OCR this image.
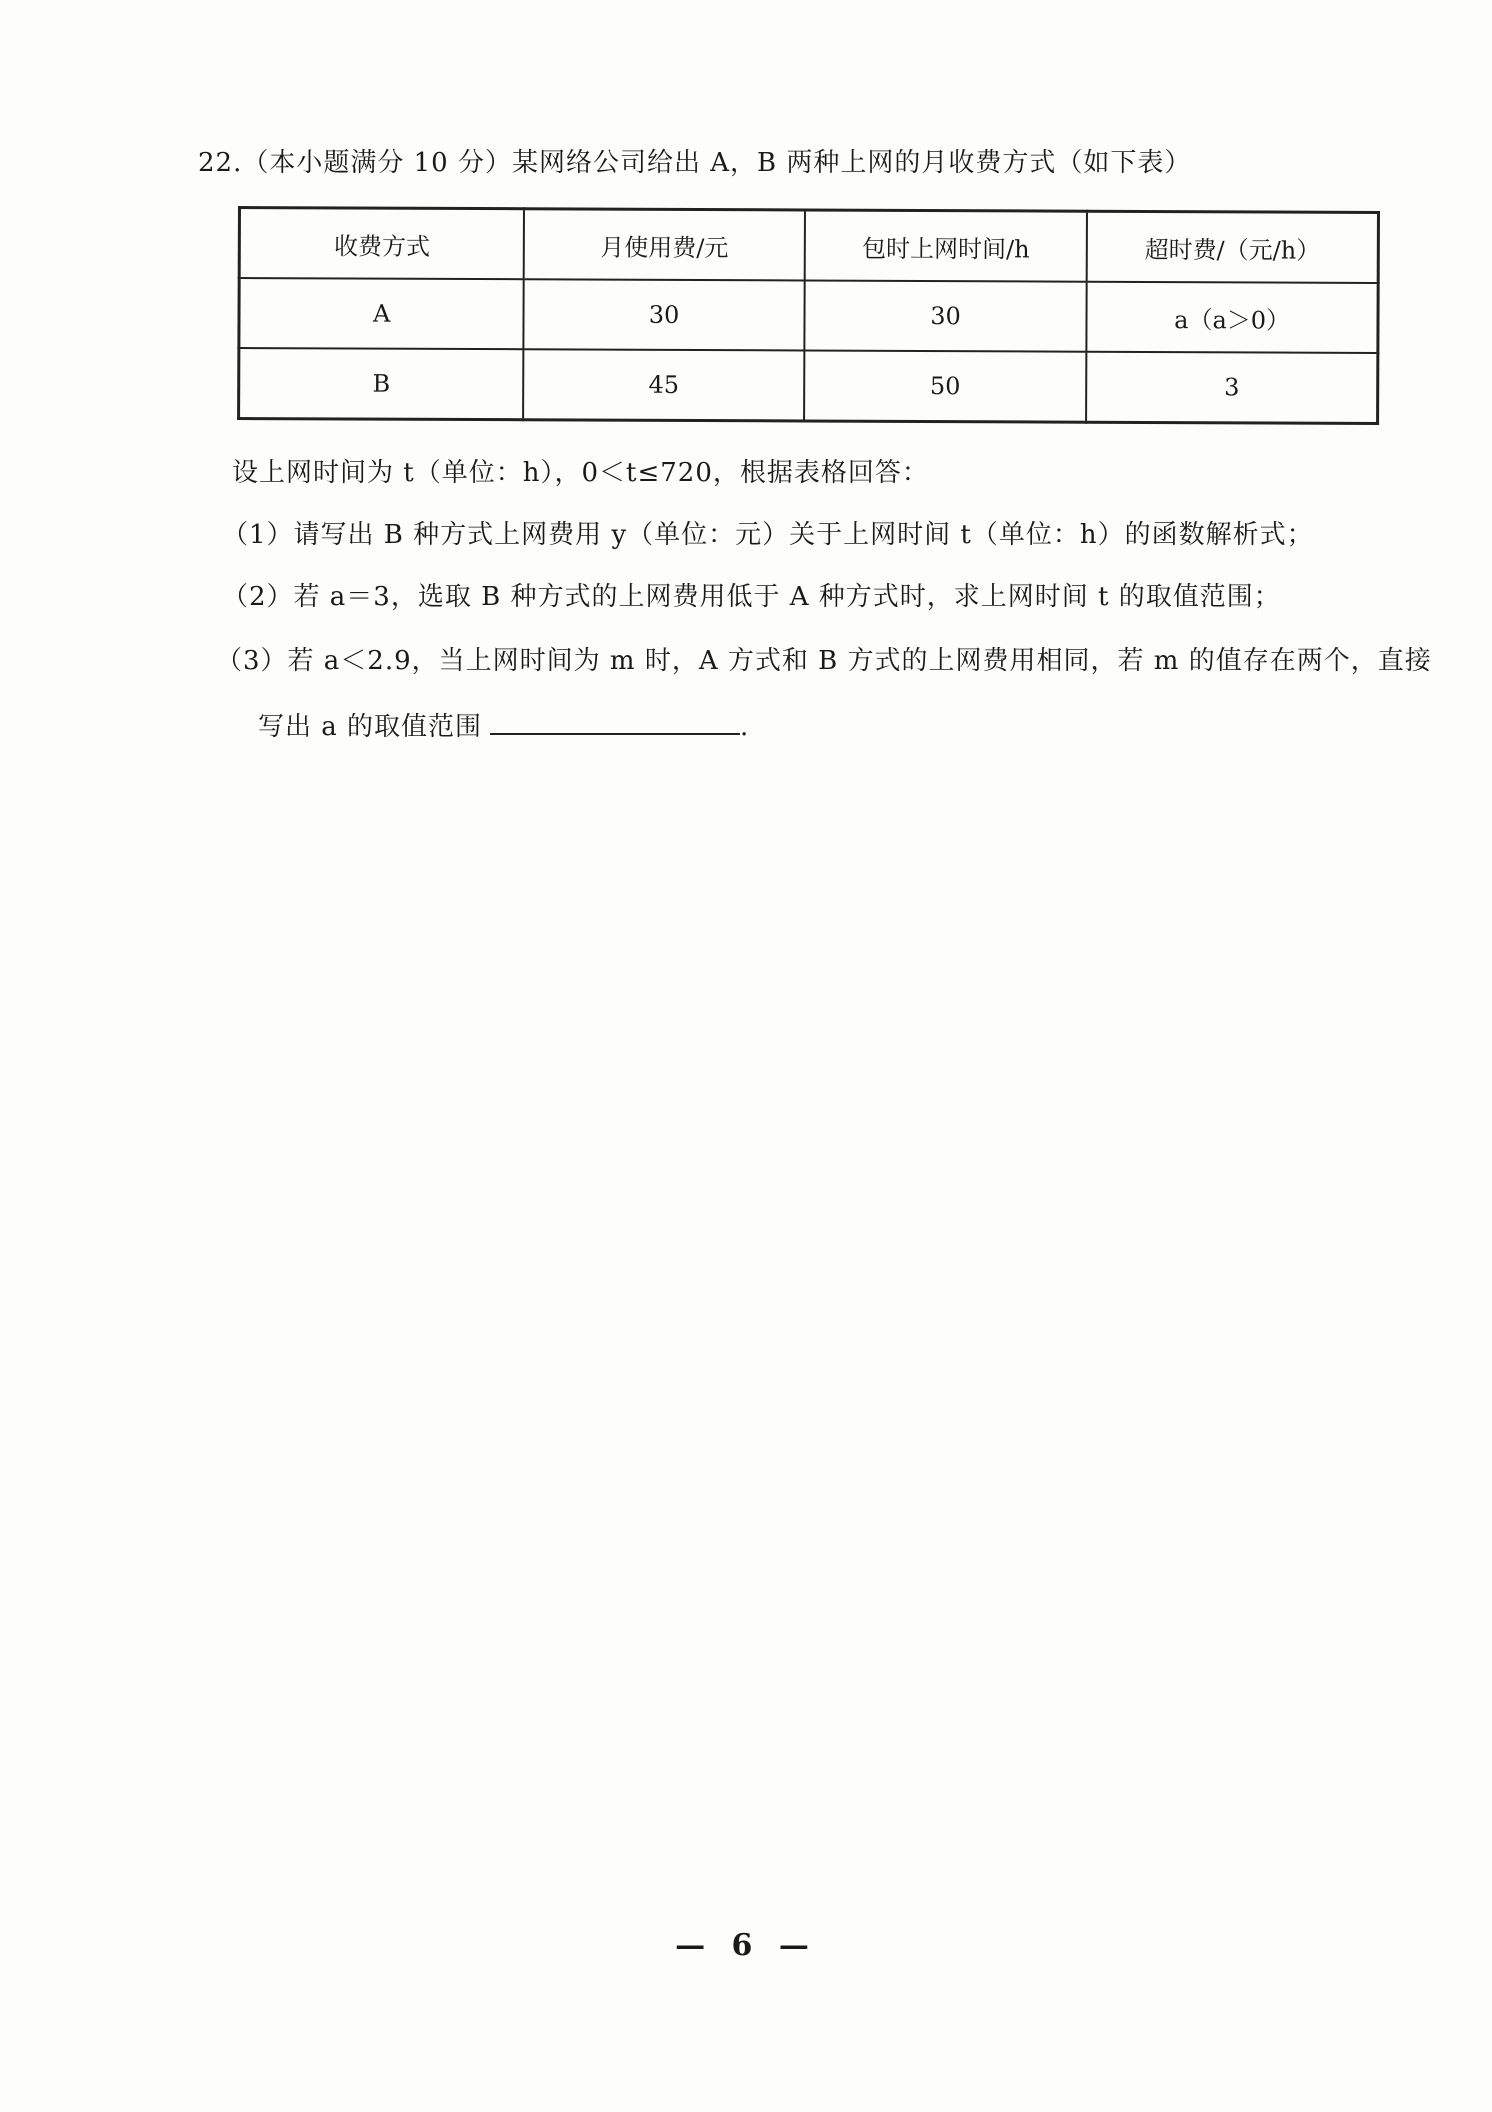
22.（本小题满分 10 分）某网络公司给出 A，B 两种上网的月收费方式（如下表）
收费方式	月使用费/元	包时上网时间/h	超时费/（元/h）
A	30	30	a（a＞0）
B	45	50	3
设上网时间为 t（单位：h），0＜t≤720，根据表格回答：
（1）请写出 B 种方式上网费用 y（单位：元）关于上网时间 t（单位：h）的函数解析式；
（2）若 a＝3，选取 B 种方式的上网费用低于 A 种方式时，求上网时间 t 的取值范围；
（3）若 a＜2.9，当上网时间为 m 时，A 方式和 B 方式的上网费用相同，若 m 的值存在两个，直接
写出 a 的取值范围	.
— 6 —
